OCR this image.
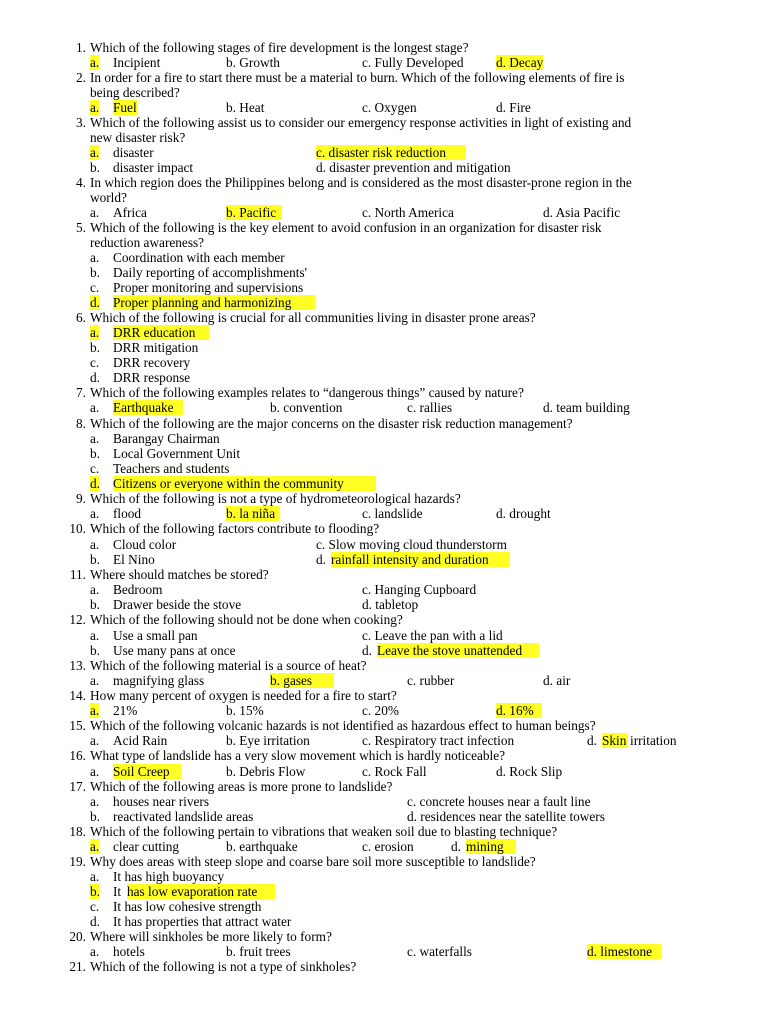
1. Which of the following stages of fire development is the longest stage?
a. Incipient	b. Growth	c. Fully Developed d. Decay
2. In order for a fire to start there must be a material to burn. Which of the following elements of fire is
being described?
a. Fuel	b. Heat	c. Oxygen	d. Fire
3. Which of the following assist us to consider our emergency response activities in light of existing and
new disaster risk?
a. disaster	c. disaster risk reduction
b. disaster impact	d. disaster prevention and mitigation
4. In which region does the Philippines belong and is considered as the most disaster-prone region in the
world?
a. Africa	b. Pacific	c. North America	d. Asia Pacific
5. Which of the following is the key element to avoid confusion in an organization for disaster risk
reduction awareness?
a. Coordination with each member
b. Daily reporting of accomplishments'
c. Proper monitoring and supervisions
d. Proper planning and harmonizing
6. Which of the following is crucial for all communities living in disaster prone areas?
a. DRR education
b. DRR mitigation
c. DRR recovery
d. DRR response
7. Which of the following examples relates to “dangerous things” caused by nature?
a. Earthquake	b. convention	c. rallies	d. team building
8. Which of the following are the major concerns on the disaster risk reduction management?
a. Barangay Chairman
b. Local Government Unit
c. Teachers and students
d. Citizens or everyone within the community
9. Which of the following is not a type of hydrometeorological hazards?
a. flood	b. la niña	c. landslide	d. drought
10. Which of the following factors contribute to flooding?
a. Cloud color	c. Slow moving cloud thunderstorm
b. El Nino	d. rainfall intensity and duration
11. Where should matches be stored?
a. Bedroom	c. Hanging Cupboard
b. Drawer beside the stove	d. tabletop
12. Which of the following should not be done when cooking?
a. Use a small pan	c. Leave the pan with a lid
b. Use many pans at once	d. Leave the stove unattended
13. Which of the following material is a source of heat?
a. magnifying glass	b. gases	c. rubber	d. air
14. How many percent of oxygen is needed for a fire to start?
a. 21%	b. 15%	c. 20%	d. 16%
15. Which of the following volcanic hazards is not identified as hazardous effect to human beings?
a. Acid Rain	b. Eye irritation	c. Respiratory tract infection	d. Skin irritation
16. What type of landslide has a very slow movement which is hardly noticeable?
a. Soil Creep	b. Debris Flow	c. Rock Fall	d. Rock Slip
17. Which of the following areas is more prone to landslide?
a. houses near rivers	c. concrete houses near a fault line
b. reactivated landslide areas	d. residences near the satellite towers
18. Which of the following pertain to vibrations that weaken soil due to blasting technique?
a. clear cutting	b. earthquake	c. erosion	d. mining
19. Why does areas with steep slope and coarse bare soil more susceptible to landslide?
a. It has high buoyancy
b. It has low evaporation rate
c. It has low cohesive strength
d. It has properties that attract water
20. Where will sinkholes be more likely to form?
a. hotels	b. fruit trees	c. waterfalls	d. limestone
21. Which of the following is not a type of sinkholes?
